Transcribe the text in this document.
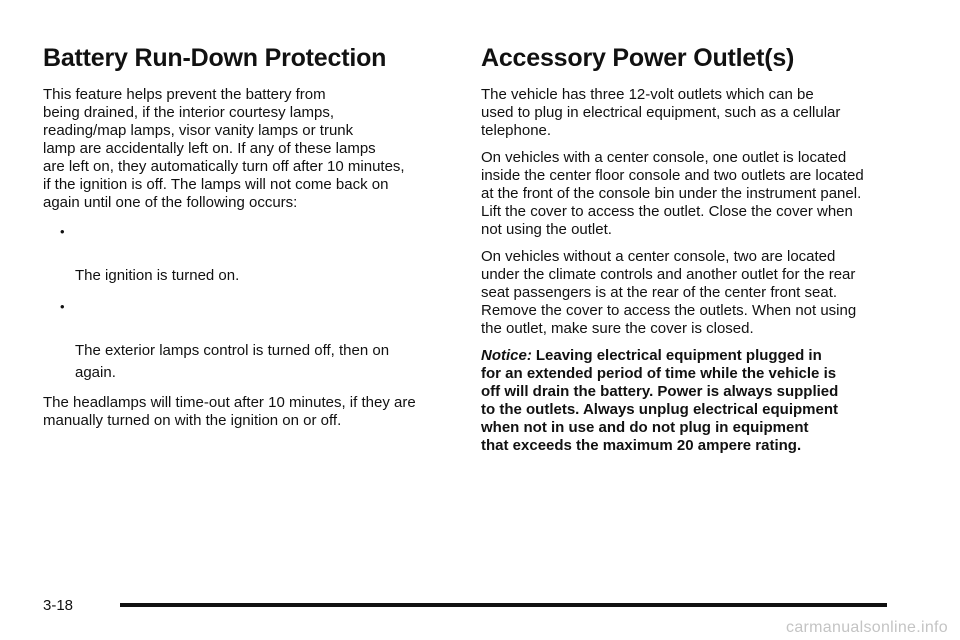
Battery Run-Down Protection

This feature helps prevent the battery from
being drained, if the interior courtesy lamps,
reading/map lamps, visor vanity lamps or trunk
lamp are accidentally left on. If any of these lamps
are left on, they automatically turn off after 10 minutes,
if the ignition is off. The lamps will not come back on
again until one of the following occurs:

•

The ignition is turned on.

•

The exterior lamps control is turned off, then on
again.

The headlamps will time-out after 10 minutes, if they are
manually turned on with the ignition on or off.

Accessory Power Outlet(s)

The vehicle has three 12-volt outlets which can be
used to plug in electrical equipment, such as a cellular
telephone.

On vehicles with a center console, one outlet is located
inside the center floor console and two outlets are located
at the front of the console bin under the instrument panel.
Lift the cover to access the outlet. Close the cover when
not using the outlet.

On vehicles without a center console, two are located
under the climate controls and another outlet for the rear
seat passengers is at the rear of the center front seat.
Remove the cover to access the outlets. When not using
the outlet, make sure the cover is closed.

Notice: Leaving electrical equipment plugged in
for an extended period of time while the vehicle is
off will drain the battery. Power is always supplied
to the outlets. Always unplug electrical equipment
when not in use and do not plug in equipment
that exceeds the maximum 20 ampere rating.

3-18
carmanualsonline.info
